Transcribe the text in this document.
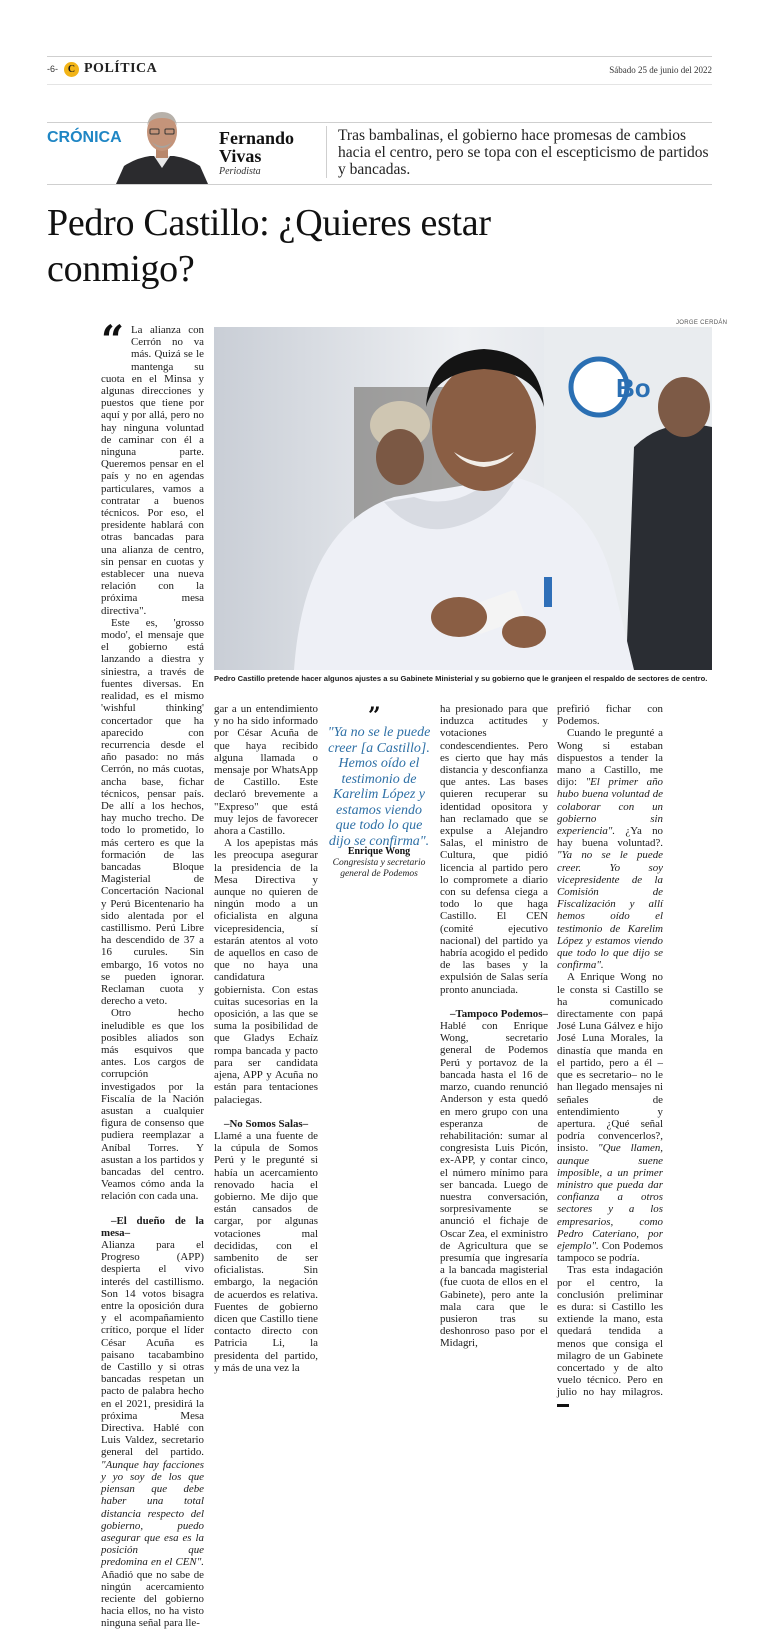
-6- C POLÍTICA	Sábado 25 de junio del 2022
CRÓNICA	Fernando
Vivas
Periodista
Tras bambalinas, el gobierno hace promesas de cambios hacia el centro, pero se topa con el escepticismo de partidos y bancadas.
Pedro Castillo: ¿Quieres estar conmigo?
“ La alianza con Cerrón no va más. Quizá se le mantenga su cuota en el Minsa y algunas direcciones y puestos que tiene por aquí y por allá, pero no hay ninguna voluntad de caminar con él a ninguna parte. Queremos pensar en el país y no en agendas particulares, vamos a contratar a buenos técnicos. Por eso, el presidente hablará con otras bancadas para una alianza de centro, sin pensar en cuotas y establecer una nueva relación con la próxima mesa directiva".

Este es, 'grosso modo', el mensaje que el gobierno está lanzando a diestra y siniestra, a través de fuentes diversas. En realidad, es el mismo 'wishful thinking' concertador que ha aparecido con recurrencia desde el año pasado: no más Cerrón, no más cuotas, ancha base, fichar técnicos, pensar país. De allí a los hechos, hay mucho trecho. De todo lo prometido, lo más certero es que la formación de las bancadas Bloque Magisterial de Concertación Nacional y Perú Bicentenario ha sido alentada por el castillismo. Perú Libre ha descendido de 37 a 16 curules. Sin embargo, 16 votos no se pueden ignorar. Reclaman cuota y derecho a veto.

Otro hecho ineludible es que los posibles aliados son más esquivos que antes. Los cargos de corrupción investigados por la Fiscalía de la Nación asustan a cualquier figura de consenso que pudiera reemplazar a Aníbal Torres. Y asustan a los partidos y bancadas del centro. Veamos cómo anda la relación con cada una.

–El dueño de la mesa–

Alianza para el Progreso (APP) despierta el vivo interés del castillismo. Son 14 votos bisagra entre la oposición dura y el acompañamiento crítico, porque el líder César Acuña es paisano tacabambino de Castillo y si otras bancadas respetan un pacto de palabra hecho en el 2021, presidirá la próxima Mesa Directiva. Hablé con Luis Valdez, secretario general del partido. "Aunque hay facciones y yo soy de los que piensan que debe haber una total distancia respecto del gobierno, puedo asegurar que esa es la posición que predomina en el CEN". Añadió que no sabe de ningún acercamiento reciente del gobierno hacia ellos, no ha visto ninguna señal para lle-

JORGE CERDÁN
Bo
Pedro Castillo pretende hacer algunos ajustes a su Gabinete Ministerial y su gobierno que le granjeen el respaldo de sectores de centro.

gar a un entendimiento y no ha sido informado por César Acuña de que haya recibido alguna llamada o mensaje por WhatsApp de Castillo. Este declaró brevemente a "Expreso" que está muy lejos de favorecer ahora a Castillo.

A los apepistas más les preocupa asegurar la presidencia de la Mesa Directiva y aunque no quieren de ningún modo a un oficialista en alguna vicepresidencia, sí estarán atentos al voto de aquellos en caso de que no haya una candidatura gobiernista. Con estas cuitas sucesorias en la oposición, a las que se suma la posibilidad de que Gladys Echaíz rompa bancada y pacto para ser candidata ajena, APP y Acuña no están para tentaciones palaciegas.

–No Somos Salas–

Llamé a una fuente de la cúpula de Somos Perú y le pregunté si había un acercamiento renovado hacia el gobierno. Me dijo que están cansados de cargar, por algunas votaciones mal decididas, con el sambenito de ser oficialistas. Sin embargo, la negación de acuerdos es relativa. Fuentes de gobierno dicen que Castillo tiene contacto directo con Patricia Li, la presidenta del partido, y más de una vez la

”
"Ya no se le puede creer [a Castillo]. Hemos oído el testimonio de Karelim López y estamos viendo que todo lo que dijo se confirma".
Enrique Wong
Congresista y secretario general de Podemos

ha presionado para que induzca actitudes y votaciones condescendientes. Pero es cierto que hay más distancia y desconfianza que antes. Las bases quieren recuperar su identidad opositora y han reclamado que se expulse a Alejandro Salas, el ministro de Cultura, que pidió licencia al partido pero lo compromete a diario con su defensa ciega a todo lo que haga Castillo. El CEN (comité ejecutivo nacional) del partido ya habría acogido el pedido de las bases y la expulsión de Salas sería pronto anunciada.

–Tampoco Podemos–

Hablé con Enrique Wong, secretario general de Podemos Perú y portavoz de la bancada hasta el 16 de marzo, cuando renunció Anderson y esta quedó en mero grupo con una esperanza de rehabilitación: sumar al congresista Luis Picón, ex-APP, y contar cinco, el número mínimo para ser bancada. Luego de nuestra conversación, sorpresivamente se anunció el fichaje de Oscar Zea, el exministro de Agricultura que se presumía que ingresaría a la bancada magisterial (fue cuota de ellos en el Gabinete), pero ante la mala cara que le pusieron tras su deshonroso paso por el Midagri,

prefirió fichar con Podemos.

Cuando le pregunté a Wong si estaban dispuestos a tender la mano a Castillo, me dijo: "El primer año hubo buena voluntad de colaborar con un gobierno sin experiencia". ¿Ya no hay buena voluntad?. "Ya no se le puede creer. Yo soy vicepresidente de la Comisión de Fiscalización y allí hemos oído el testimonio de Karelim López y estamos viendo que todo lo que dijo se confirma".

A Enrique Wong no le consta si Castillo se ha comunicado directamente con papá José Luna Gálvez e hijo José Luna Morales, la dinastía que manda en el partido, pero a él –que es secretario– no le han llegado mensajes ni señales de entendimiento y apertura. ¿Qué señal podría convencerlos?, insisto. "Que llamen, aunque suene imposible, a un primer ministro que pueda dar confianza a otros sectores y a los empresarios, como Pedro Cateriano, por ejemplo". Con Podemos tampoco se podría.

Tras esta indagación por el centro, la conclusión preliminar es dura: si Castillo les extiende la mano, esta quedará tendida a menos que consiga el milagro de un Gabinete concertado y de alto vuelo técnico. Pero en julio no hay milagros.
